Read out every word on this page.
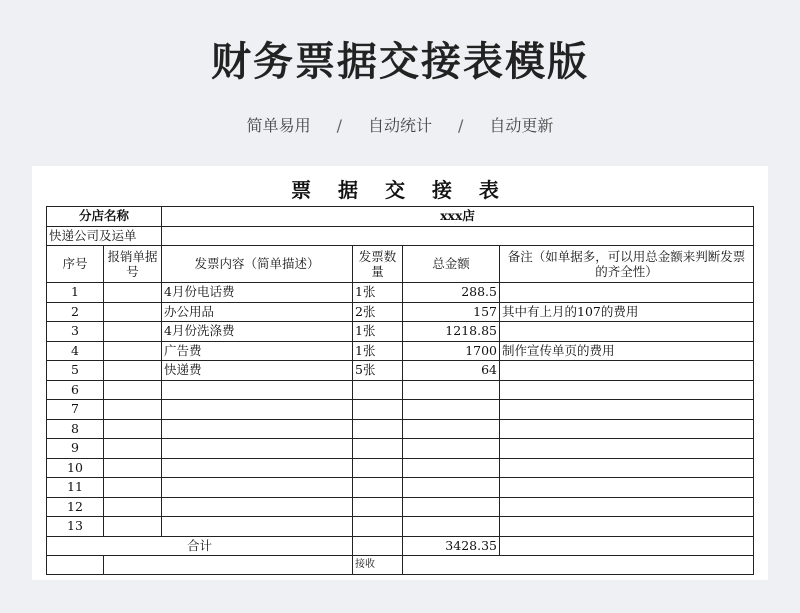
财务票据交接表模版
简单易用 / 自动统计 / 自动更新
票 据 交 接 表
分店名称		xxx店			
快递公司及运单					
序号	报销单据号	发票内容（简单描述）	发票数量	总金额	备注（如单据多，可以用总金额来判断发票的齐全性）
1		4月份电话费	1张	288.5	
2		办公用品	2张	157	其中有上月的107的费用
3		4月份洗涤费	1张	1218.85	
4		广告费	1张	1700	制作宣传单页的费用
5		快递费	5张	64	
6					
7					
8					
9					
10					
11					
12					
13					
合计				3428.35	
			接收		
